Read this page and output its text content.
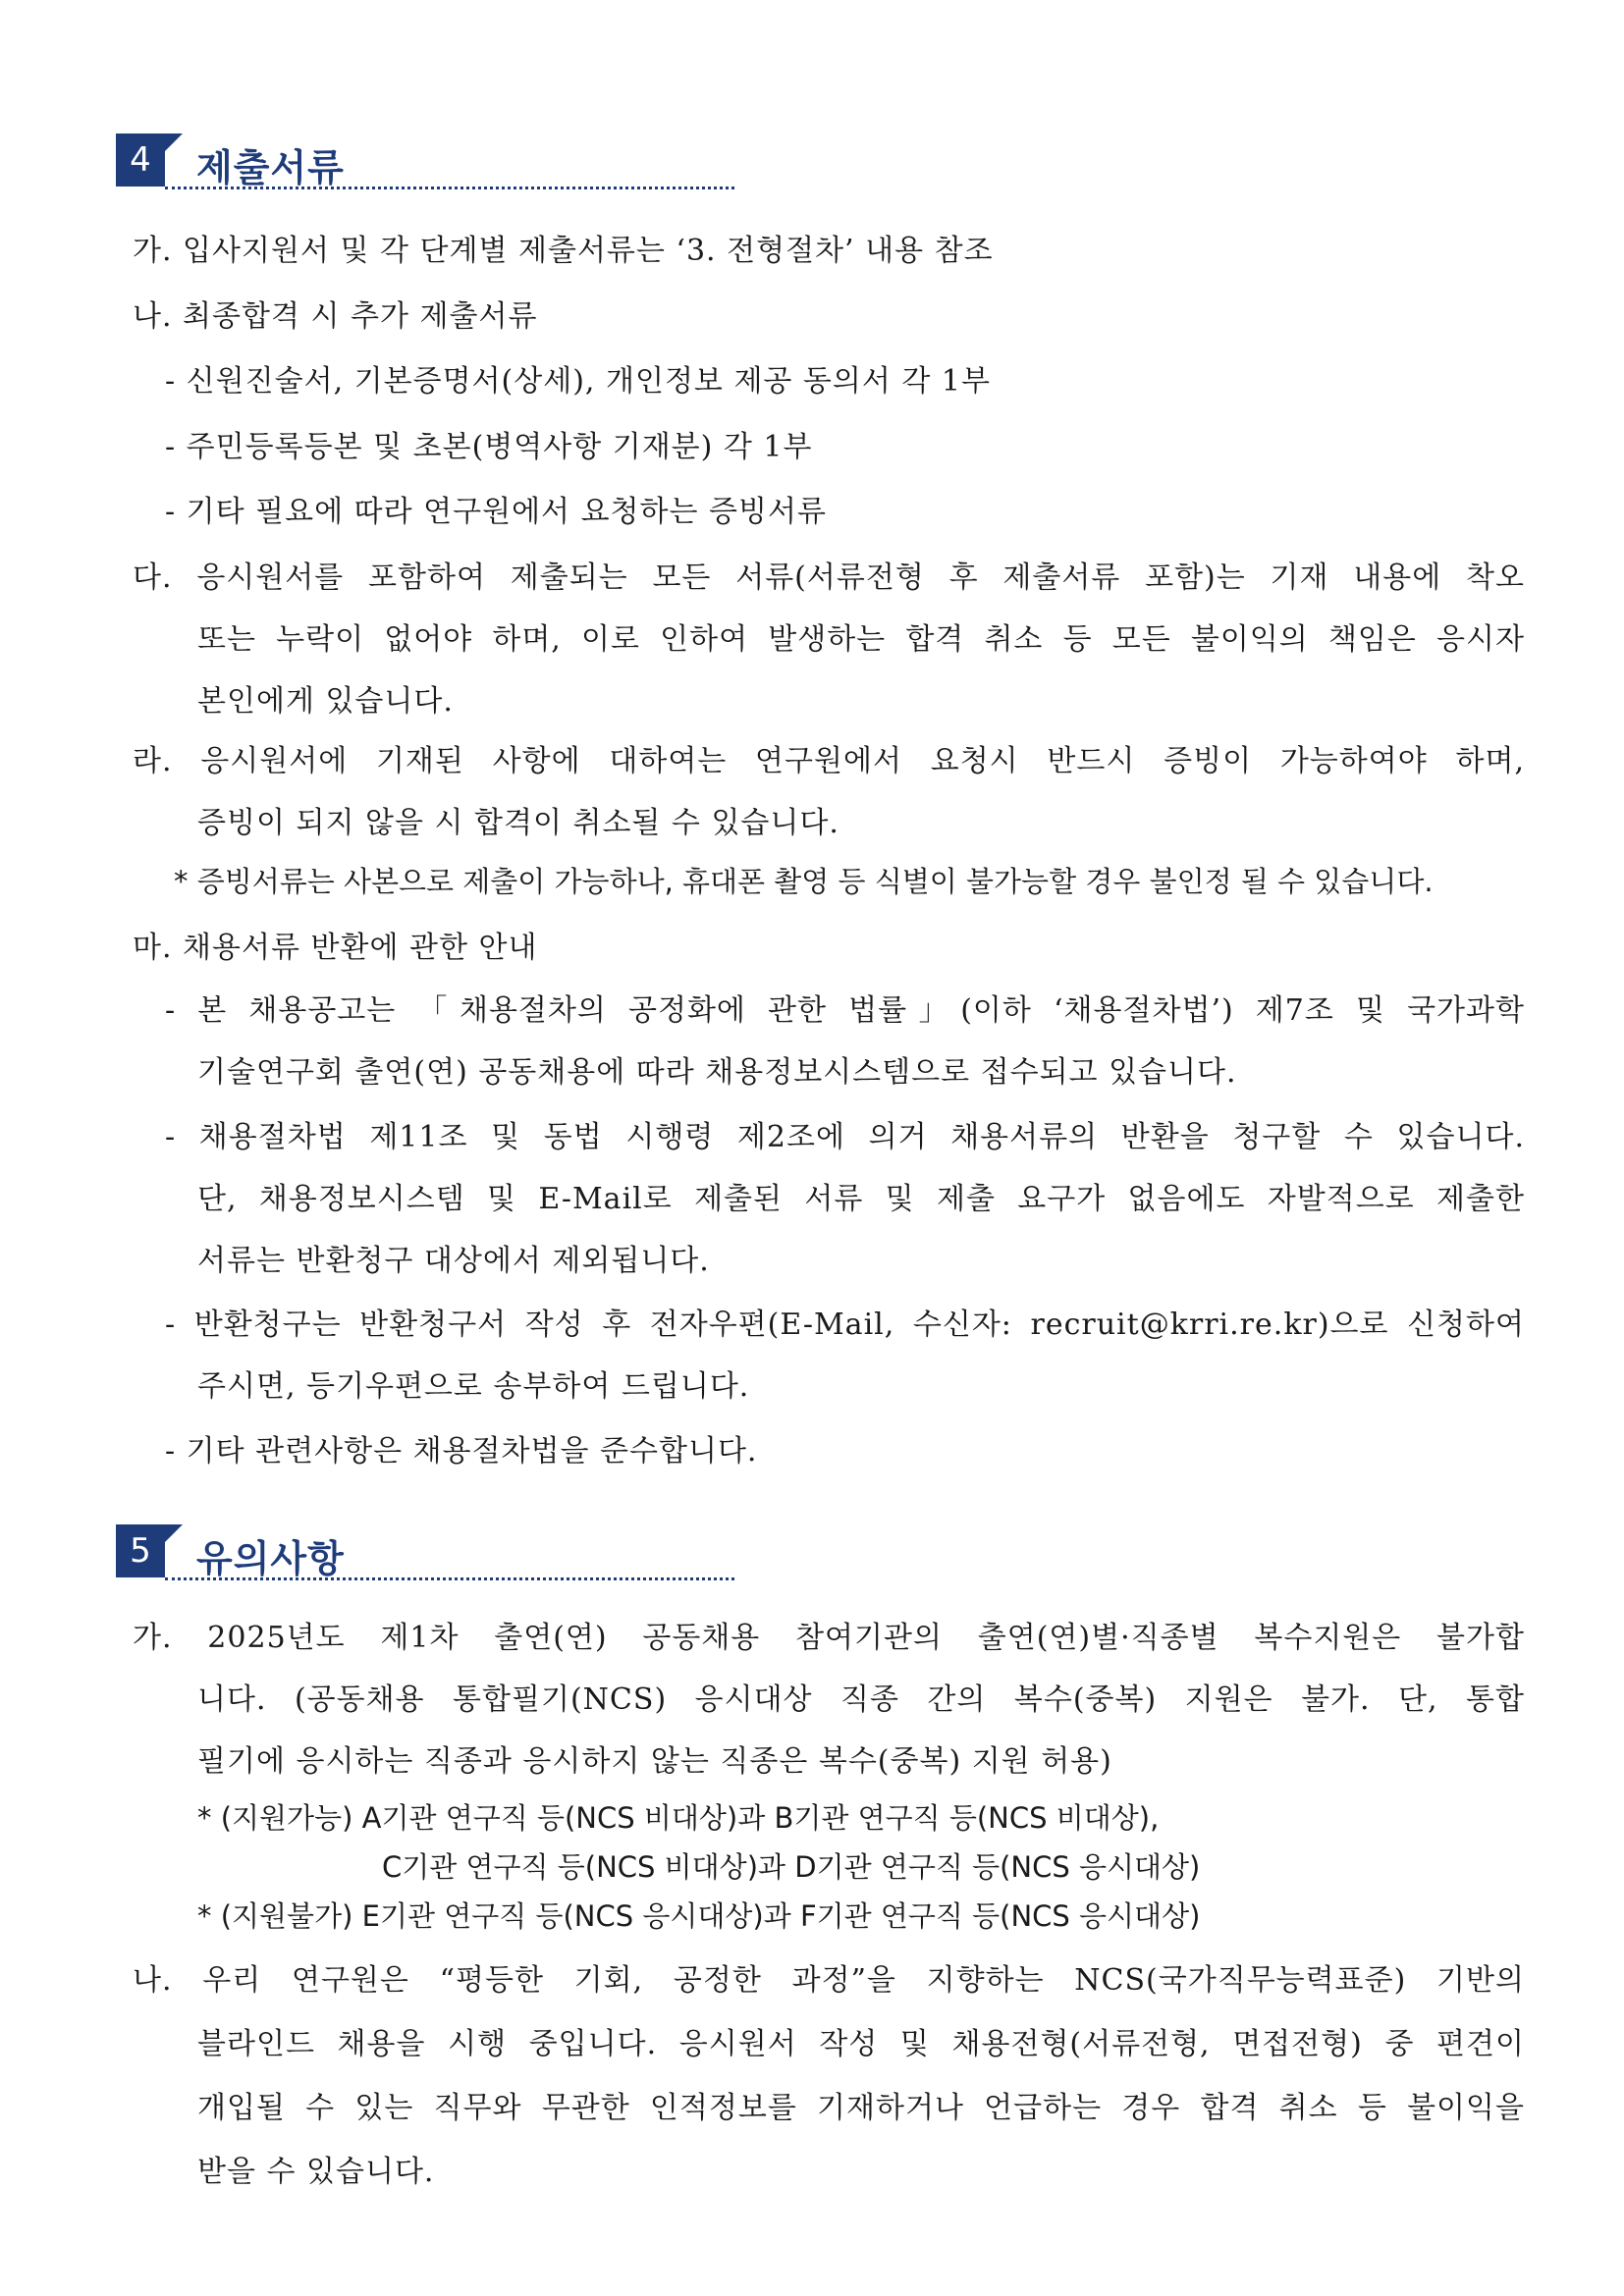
4	제출서류
가. 입사지원서 및 각 단계별 제출서류는 ‘3. 전형절차’ 내용 참조
나. 최종합격 시 추가 제출서류
- 신원진술서, 기본증명서(상세), 개인정보 제공 동의서 각 1부
- 주민등록등본 및 초본(병역사항 기재분) 각 1부
- 기타 필요에 따라 연구원에서 요청하는 증빙서류
다. 응시원서를 포함하여 제출되는 모든 서류(서류전형 후 제출서류 포함)는 기재 내용에 착오
또는 누락이 없어야 하며, 이로 인하여 발생하는 합격 취소 등 모든 불이익의 책임은 응시자
본인에게 있습니다.
라. 응시원서에 기재된 사항에 대하여는 연구원에서 요청시 반드시 증빙이 가능하여야 하며,
증빙이 되지 않을 시 합격이 취소될 수 있습니다.
* 증빙서류는 사본으로 제출이 가능하나, 휴대폰 촬영 등 식별이 불가능할 경우 불인정 될 수 있습니다.
마. 채용서류 반환에 관한 안내
- 본 채용공고는 「채용절차의 공정화에 관한 법률」(이하 ‘채용절차법’) 제7조 및 국가과학
기술연구회 출연(연) 공동채용에 따라 채용정보시스템으로 접수되고 있습니다.
- 채용절차법 제11조 및 동법 시행령 제2조에 의거 채용서류의 반환을 청구할 수 있습니다.
단, 채용정보시스템 및 E-Mail로 제출된 서류 및 제출 요구가 없음에도 자발적으로 제출한
서류는 반환청구 대상에서 제외됩니다.
- 반환청구는 반환청구서 작성 후 전자우편(E-Mail, 수신자: recruit@krri.re.kr)으로 신청하여
주시면, 등기우편으로 송부하여 드립니다.
- 기타 관련사항은 채용절차법을 준수합니다.
5	유의사항
가. 2025년도 제1차 출연(연) 공동채용 참여기관의 출연(연)별·직종별 복수지원은 불가합
니다. (공동채용 통합필기(NCS) 응시대상 직종 간의 복수(중복) 지원은 불가. 단, 통합
필기에 응시하는 직종과 응시하지 않는 직종은 복수(중복) 지원 허용)
* (지원가능) A기관 연구직 등(NCS 비대상)과 B기관 연구직 등(NCS 비대상),
C기관 연구직 등(NCS 비대상)과 D기관 연구직 등(NCS 응시대상)
* (지원불가) E기관 연구직 등(NCS 응시대상)과 F기관 연구직 등(NCS 응시대상)
나. 우리 연구원은 “평등한 기회, 공정한 과정”을 지향하는 NCS(국가직무능력표준) 기반의
블라인드 채용을 시행 중입니다. 응시원서 작성 및 채용전형(서류전형, 면접전형) 중 편견이
개입될 수 있는 직무와 무관한 인적정보를 기재하거나 언급하는 경우 합격 취소 등 불이익을
받을 수 있습니다.
